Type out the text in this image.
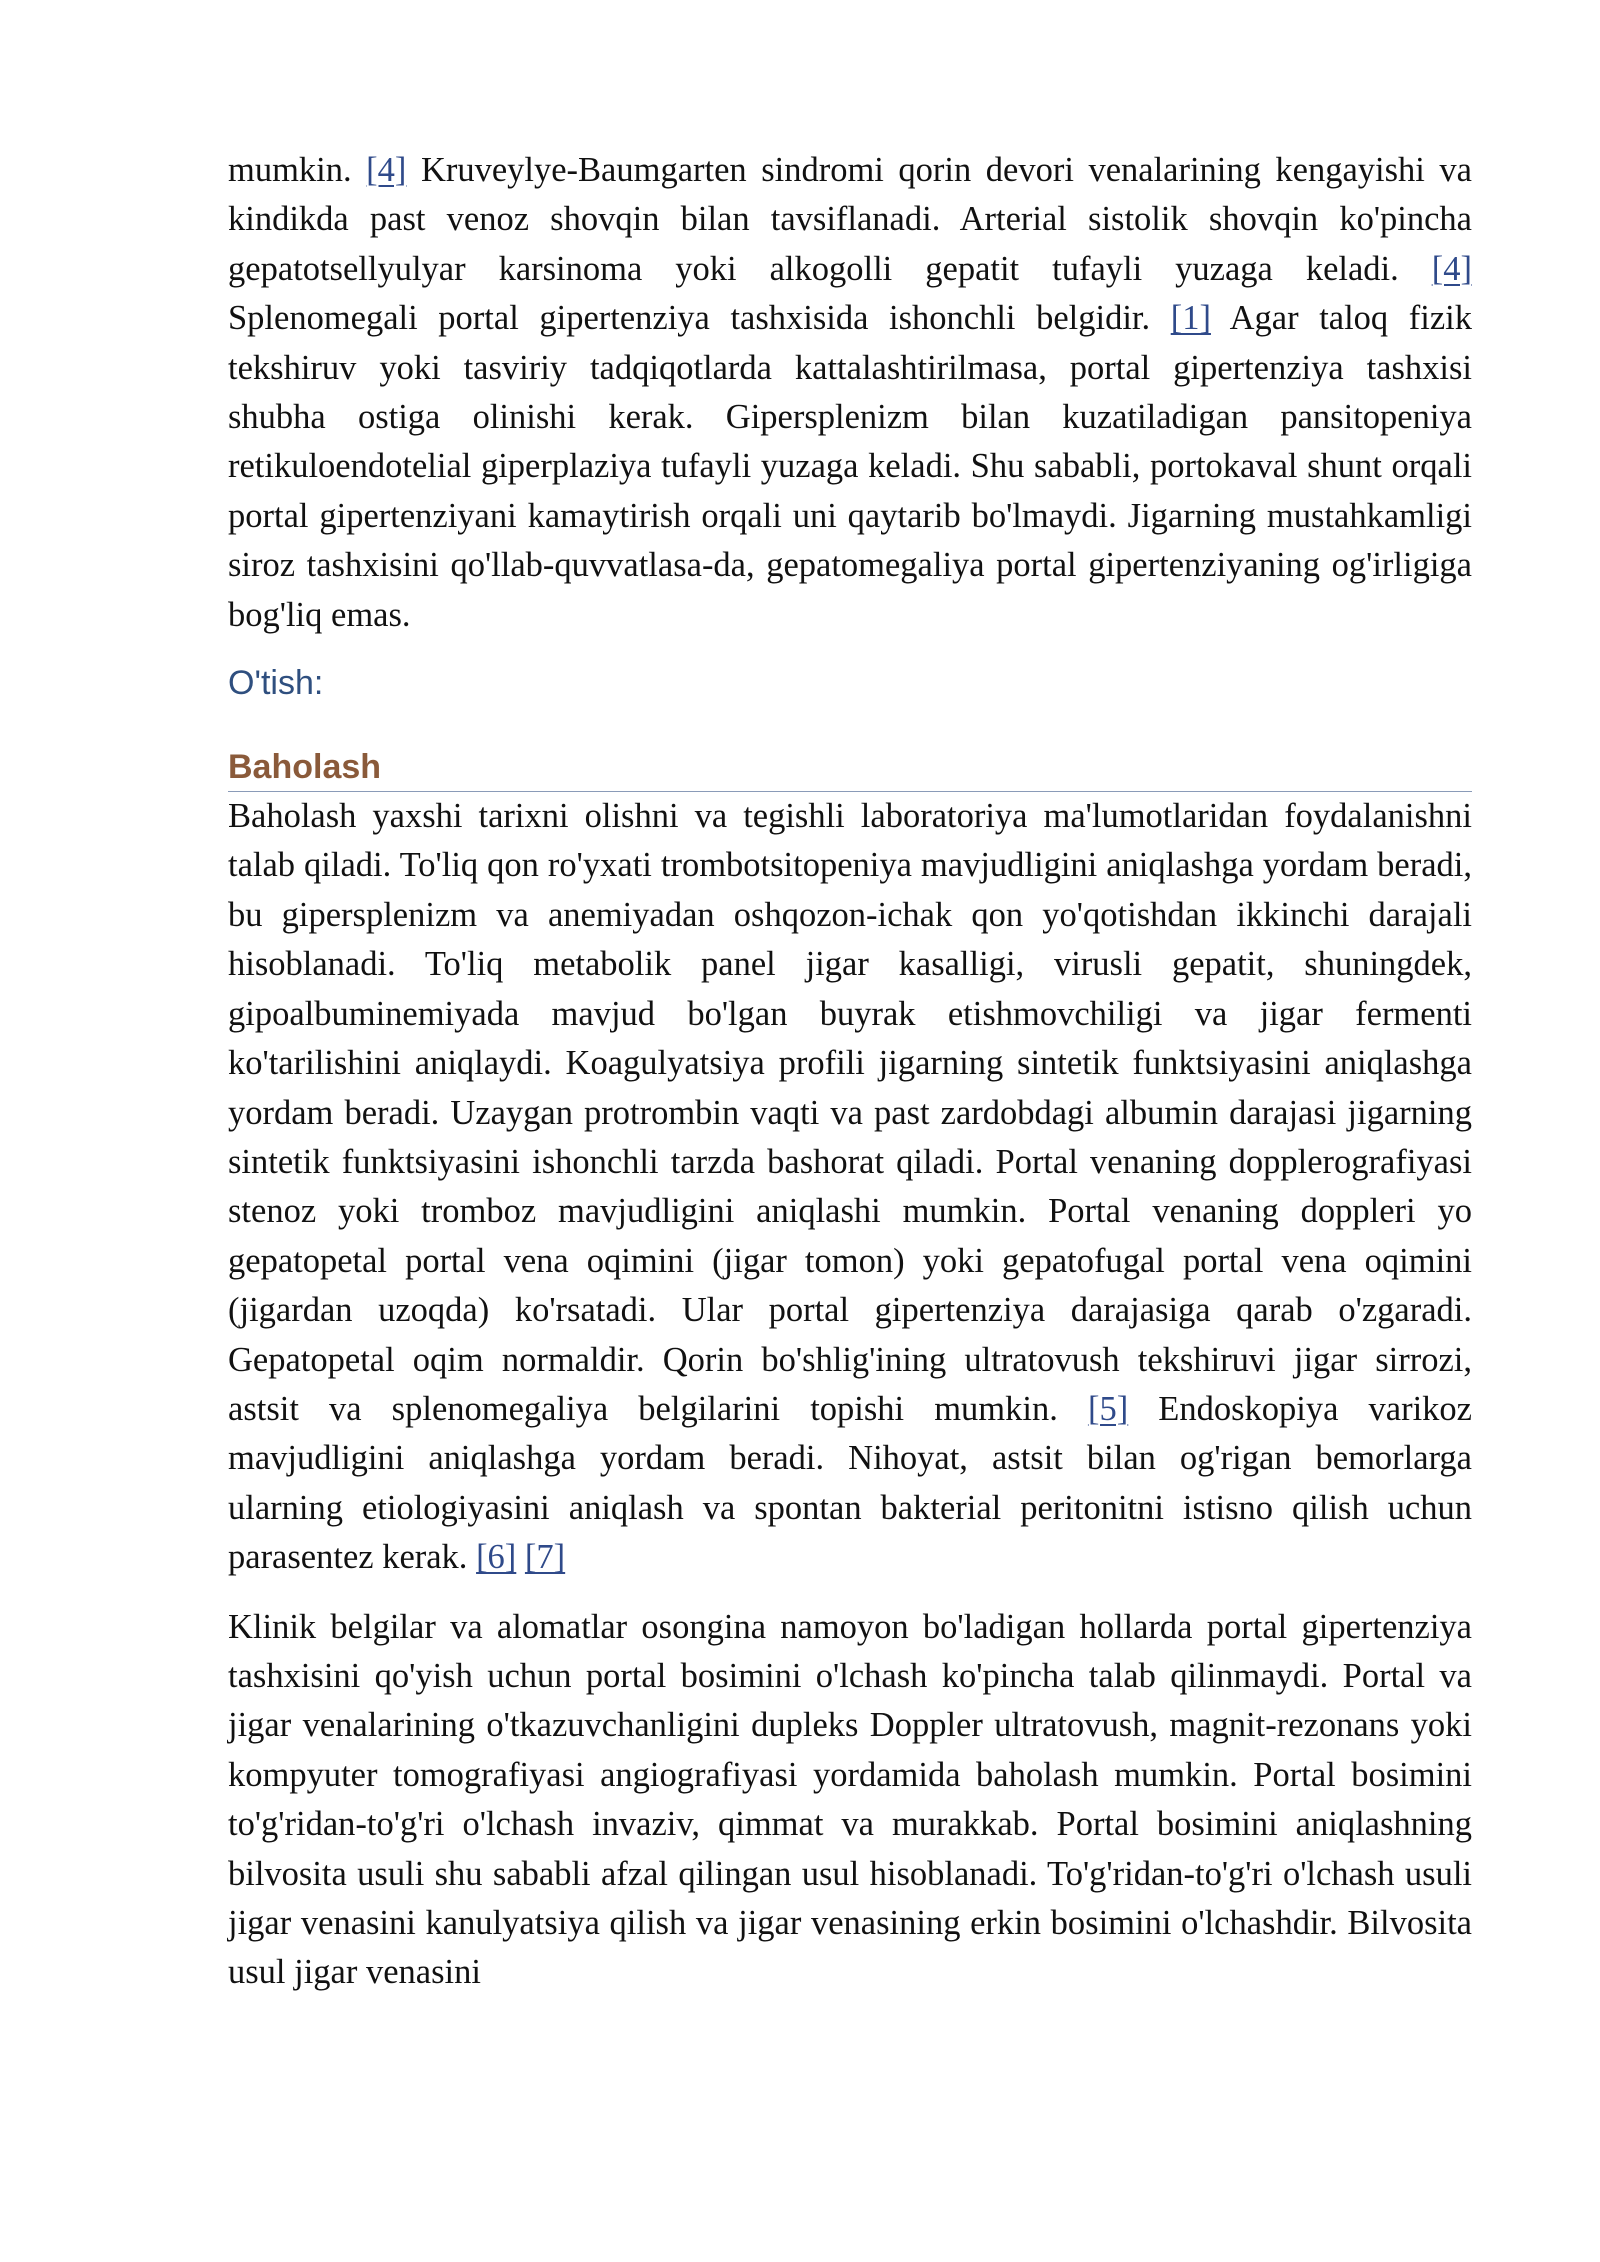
mumkin. [4] Kruveylye-Baumgarten sindromi qorin devori venalarining kengayishi va kindikda past venoz shovqin bilan tavsiflanadi. Arterial sistolik shovqin ko'pincha gepatotsellyulyar karsinoma yoki alkogolli gepatit tufayli yuzaga keladi. [4] Splenomegali portal gipertenziya tashxisida ishonchli belgidir. [1] Agar taloq fizik tekshiruv yoki tasviriy tadqiqotlarda kattalashtirilmasa, portal gipertenziya tashxisi shubha ostiga olinishi kerak. Gipersplenizm bilan kuzatiladigan pansitopeniya retikuloendotelial giperplaziya tufayli yuzaga keladi. Shu sababli, portokaval shunt orqali portal gipertenziyani kamaytirish orqali uni qaytarib bo'lmaydi. Jigarning mustahkamligi siroz tashxisini qo'llab-quvvatlasa-da, gepatomegaliya portal gipertenziyaning og'irligiga bog'liq emas.

O'tish:
Baholash

Baholash yaxshi tarixni olishni va tegishli laboratoriya ma'lumotlaridan foydalanishni talab qiladi. To'liq qon ro'yxati trombotsitopeniya mavjudligini aniqlashga yordam beradi, bu gipersplenizm va anemiyadan oshqozon-ichak qon yo'qotishdan ikkinchi darajali hisoblanadi. To'liq metabolik panel jigar kasalligi, virusli gepatit, shuningdek, gipoalbuminemiyada mavjud bo'lgan buyrak etishmovchiligi va jigar fermenti ko'tarilishini aniqlaydi. Koagulyatsiya profili jigarning sintetik funktsiyasini aniqlashga yordam beradi. Uzaygan protrombin vaqti va past zardobdagi albumin darajasi jigarning sintetik funktsiyasini ishonchli tarzda bashorat qiladi. Portal venaning dopplerografiyasi stenoz yoki tromboz mavjudligini aniqlashi mumkin. Portal venaning doppleri yo gepatopetal portal vena oqimini (jigar tomon) yoki gepatofugal portal vena oqimini (jigardan uzoqda) ko'rsatadi. Ular portal gipertenziya darajasiga qarab o'zgaradi. Gepatopetal oqim normaldir. Qorin bo'shlig'ining ultratovush tekshiruvi jigar sirrozi, astsit va splenomegaliya belgilarini topishi mumkin. [5] Endoskopiya varikoz mavjudligini aniqlashga yordam beradi. Nihoyat, astsit bilan og'rigan bemorlarga ularning etiologiyasini aniqlash va spontan bakterial peritonitni istisno qilish uchun parasentez kerak. [6] [7]

Klinik belgilar va alomatlar osongina namoyon bo'ladigan hollarda portal gipertenziya tashxisini qo'yish uchun portal bosimini o'lchash ko'pincha talab qilinmaydi. Portal va jigar venalarining o'tkazuvchanligini dupleks Doppler ultratovush, magnit-rezonans yoki kompyuter tomografiyasi angiografiyasi yordamida baholash mumkin. Portal bosimini to'g'ridan-to'g'ri o'lchash invaziv, qimmat va murakkab. Portal bosimini aniqlashning bilvosita usuli shu sababli afzal qilingan usul hisoblanadi. To'g'ridan-to'g'ri o'lchash usuli jigar venasini kanulyatsiya qilish va jigar venasining erkin bosimini o'lchashdir. Bilvosita usul jigar venasini
